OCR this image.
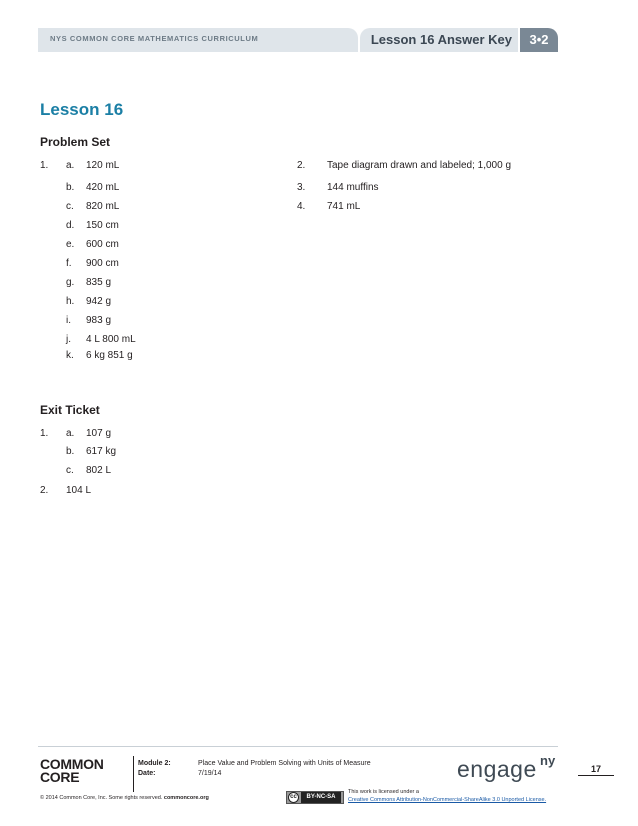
NYS COMMON CORE MATHEMATICS CURRICULUM	Lesson 16 Answer Key	3•2
Lesson 16
Problem Set
1. a. 120 mL
b. 420 mL
c. 820 mL
d. 150 cm
e. 600 cm
f. 900 cm
g. 835 g
h. 942 g
i. 983 g
j. 4 L 800 mL
k. 6 kg 851 g
2. Tape diagram drawn and labeled; 1,000 g
3. 144 muffins
4. 741 mL
Exit Ticket
1. a. 107 g
b. 617 kg
c. 802 L
2. 104 L
COMMON
CORE
Module 2:	Place Value and Problem Solving with Units of Measure
Date:	7/19/14	engage ny
17
© 2014 Common Core, Inc. Some rights reserved. commoncore.org	cc	BY-NC-SA
This work is licensed under a
Creative Commons Attribution-NonCommercial-ShareAlike 3.0 Unported License.
